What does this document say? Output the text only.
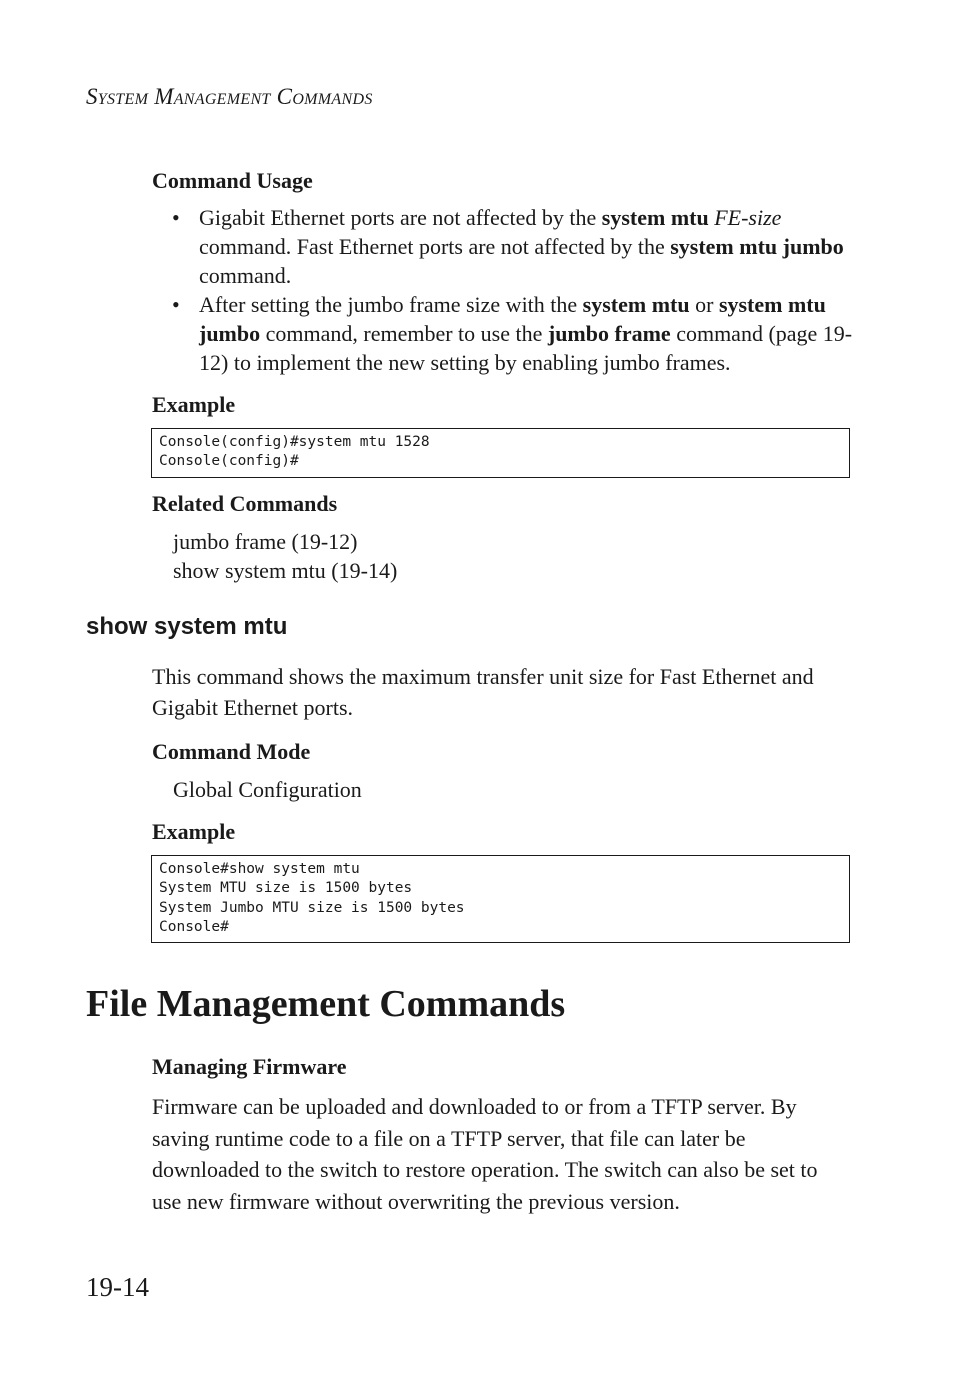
System Management Commands
Command Usage
• Gigabit Ethernet ports are not affected by the system mtu FE-size command. Fast Ethernet ports are not affected by the system mtu jumbo command.
• After setting the jumbo frame size with the system mtu or system mtu jumbo command, remember to use the jumbo frame command (page 19-12) to implement the new setting by enabling jumbo frames.
Example
Console(config)#system mtu 1528
Console(config)#
Related Commands
jumbo frame (19-12)
show system mtu (19-14)
show system mtu
This command shows the maximum transfer unit size for Fast Ethernet and Gigabit Ethernet ports.
Command Mode
Global Configuration
Example
Console#show system mtu
System MTU size is 1500 bytes
System Jumbo MTU size is 1500 bytes
Console#
File Management Commands
Managing Firmware
Firmware can be uploaded and downloaded to or from a TFTP server. By saving runtime code to a file on a TFTP server, that file can later be downloaded to the switch to restore operation. The switch can also be set to use new firmware without overwriting the previous version.
19-14
